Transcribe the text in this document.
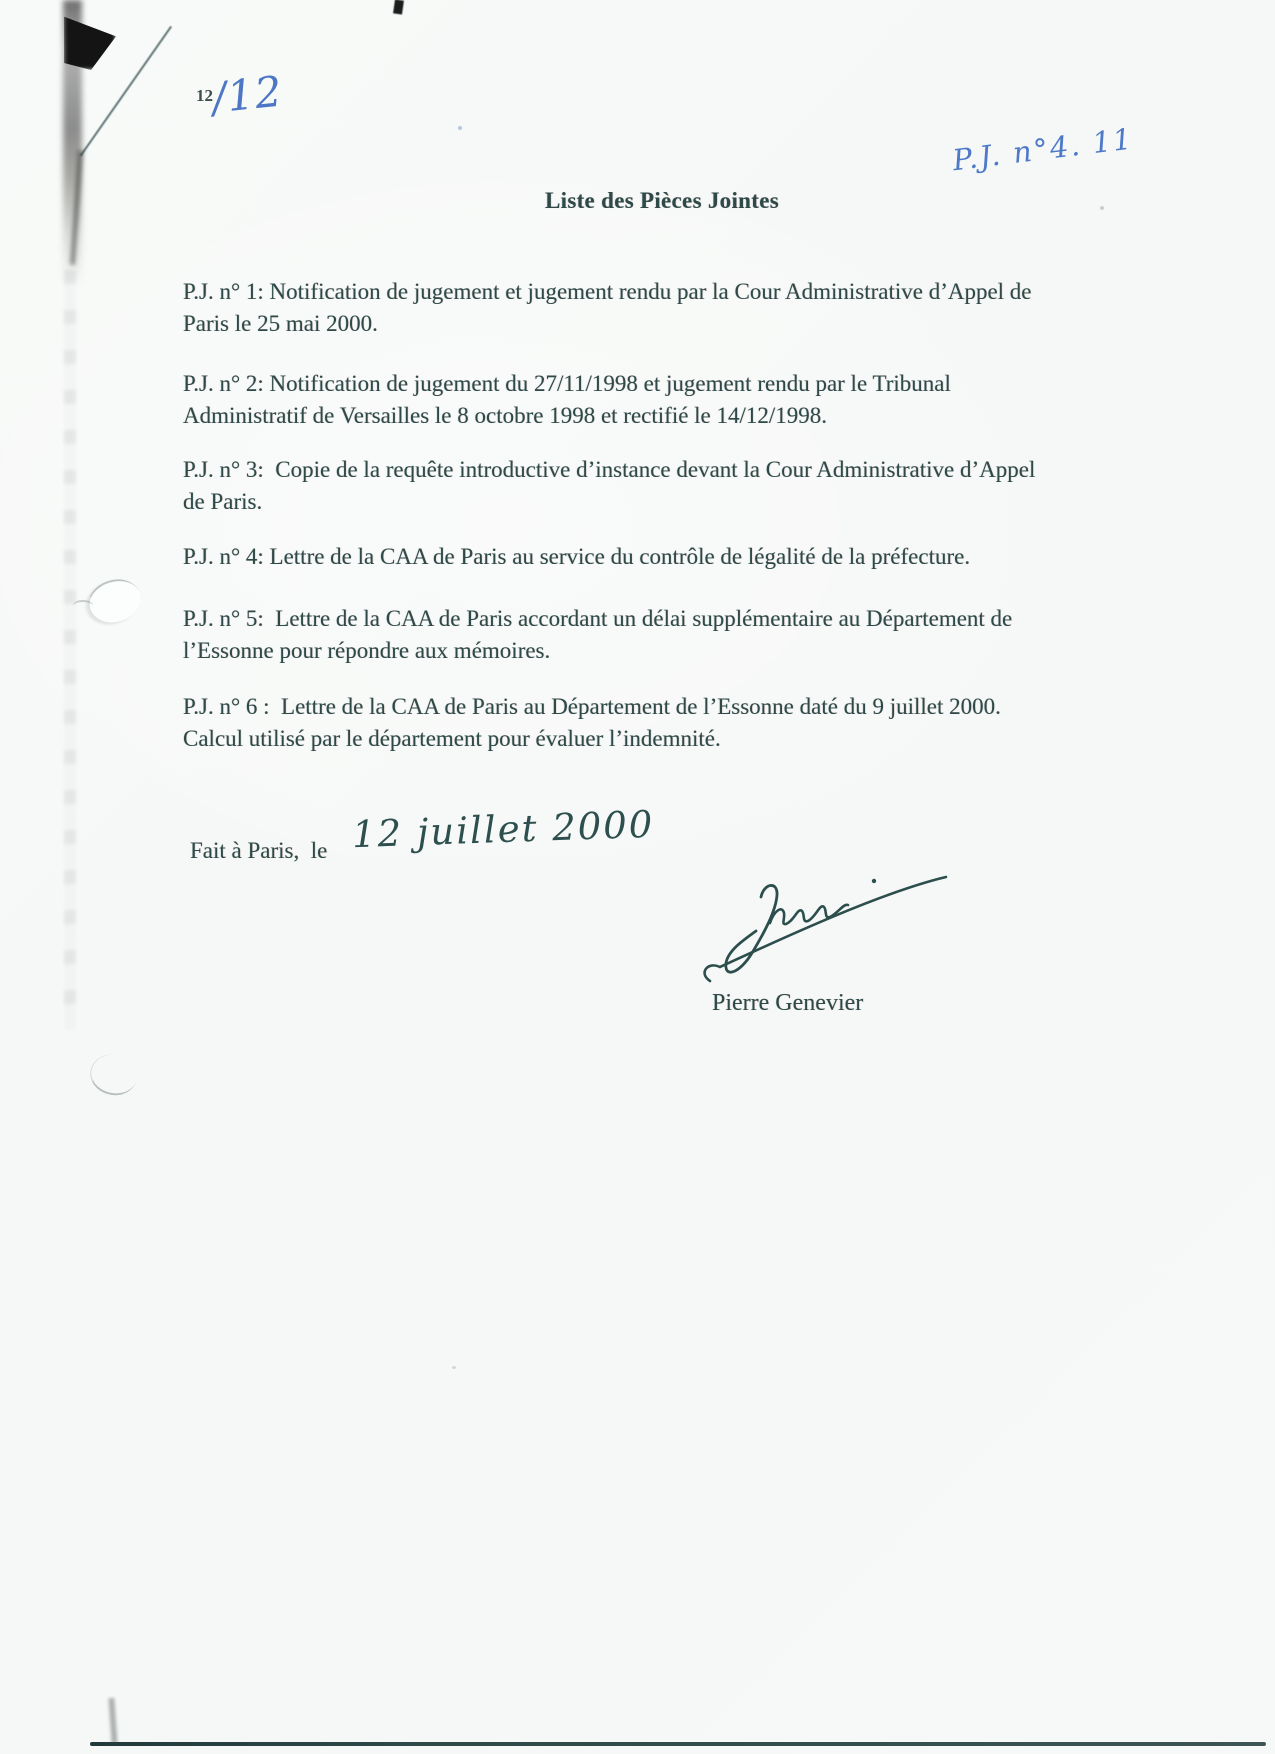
12
/12
P.J. n°4. 11
Liste des Pièces Jointes
P.J. n° 1: Notification de jugement et jugement rendu par la Cour Administrative d’Appel de
Paris le 25 mai 2000.
P.J. n° 2: Notification de jugement du 27/11/1998 et jugement rendu par le Tribunal
Administratif de Versailles le 8 octobre 1998 et rectifié le 14/12/1998.
P.J. n° 3:  Copie de la requête introductive d’instance devant la Cour Administrative d’Appel
de Paris.
P.J. n° 4: Lettre de la CAA de Paris au service du contrôle de légalité de la préfecture.
P.J. n° 5:  Lettre de la CAA de Paris accordant un délai supplémentaire au Département de
l’Essonne pour répondre aux mémoires.
P.J. n° 6 :  Lettre de la CAA de Paris au Département de l’Essonne daté du 9 juillet 2000.
Calcul utilisé par le département pour évaluer l’indemnité.
Fait à Paris,  le 12 juillet 2000
Pierre Genevier
